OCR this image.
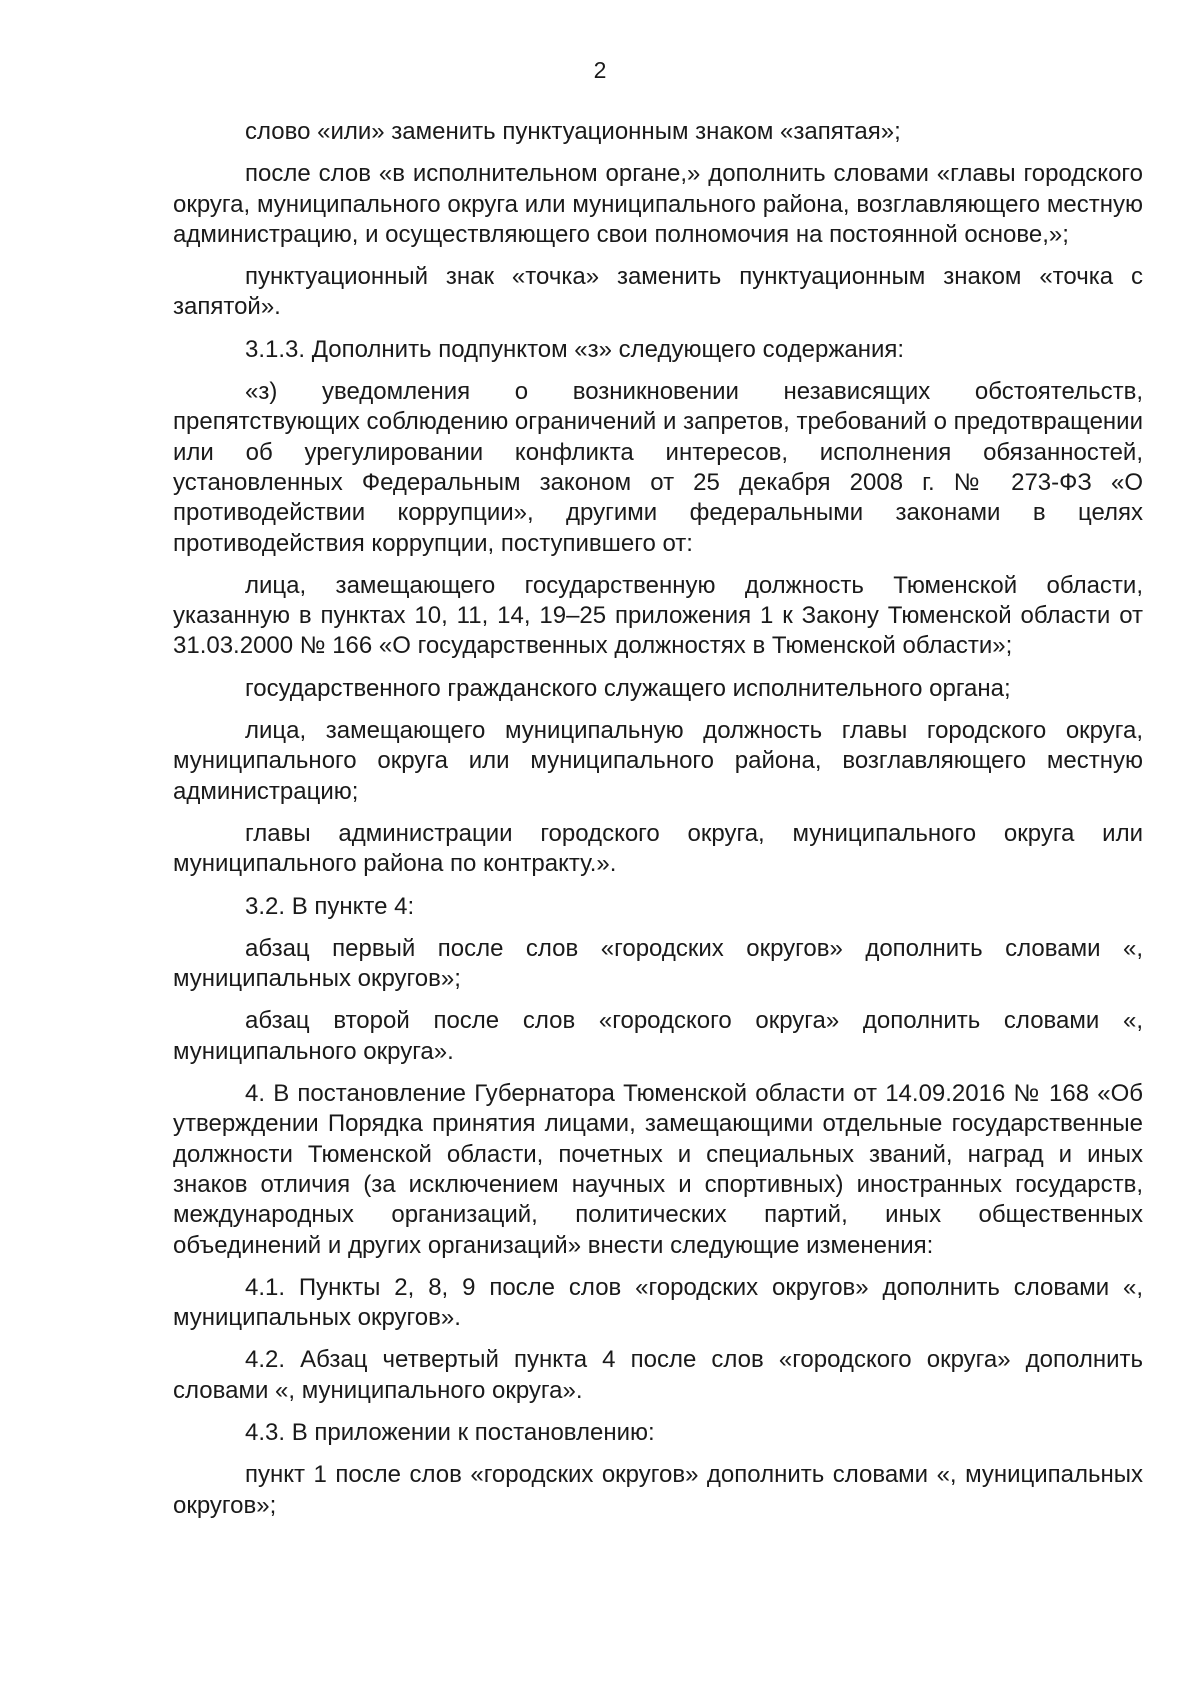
2

слово «или» заменить пунктуационным знаком «запятая»;

после слов «в исполнительном органе,» дополнить словами «главы городского округа, муниципального округа или муниципального района, возглавляющего местную администрацию, и осуществляющего свои полномочия на постоянной основе,»;

пунктуационный знак «точка» заменить пунктуационным знаком «точка с запятой».

3.1.3. Дополнить подпунктом «з» следующего содержания:

«з) уведомления о возникновении независящих обстоятельств, препятствующих соблюдению ограничений и запретов, требований о предотвращении или об урегулировании конфликта интересов, исполнения обязанностей, установленных Федеральным законом от 25 декабря 2008 г. № 273-ФЗ «О противодействии коррупции», другими федеральными законами в целях противодействия коррупции, поступившего от:

лица, замещающего государственную должность Тюменской области, указанную в пунктах 10, 11, 14, 19–25 приложения 1 к Закону Тюменской области от 31.03.2000 № 166 «О государственных должностях в Тюменской области»;

государственного гражданского служащего исполнительного органа;

лица, замещающего муниципальную должность главы городского округа, муниципального округа или муниципального района, возглавляющего местную администрацию;

главы администрации городского округа, муниципального округа или муниципального района по контракту.».

3.2. В пункте 4:

абзац первый после слов «городских округов» дополнить словами «, муниципальных округов»;

абзац второй после слов «городского округа» дополнить словами «, муниципального округа».

4. В постановление Губернатора Тюменской области от 14.09.2016 № 168 «Об утверждении Порядка принятия лицами, замещающими отдельные государственные должности Тюменской области, почетных и специальных званий, наград и иных знаков отличия (за исключением научных и спортивных) иностранных государств, международных организаций, политических партий, иных общественных объединений и других организаций» внести следующие изменения:

4.1. Пункты 2, 8, 9 после слов «городских округов» дополнить словами «, муниципальных округов».

4.2. Абзац четвертый пункта 4 после слов «городского округа» дополнить словами «, муниципального округа».

4.3. В приложении к постановлению:

пункт 1 после слов «городских округов» дополнить словами «, муниципальных округов»;
